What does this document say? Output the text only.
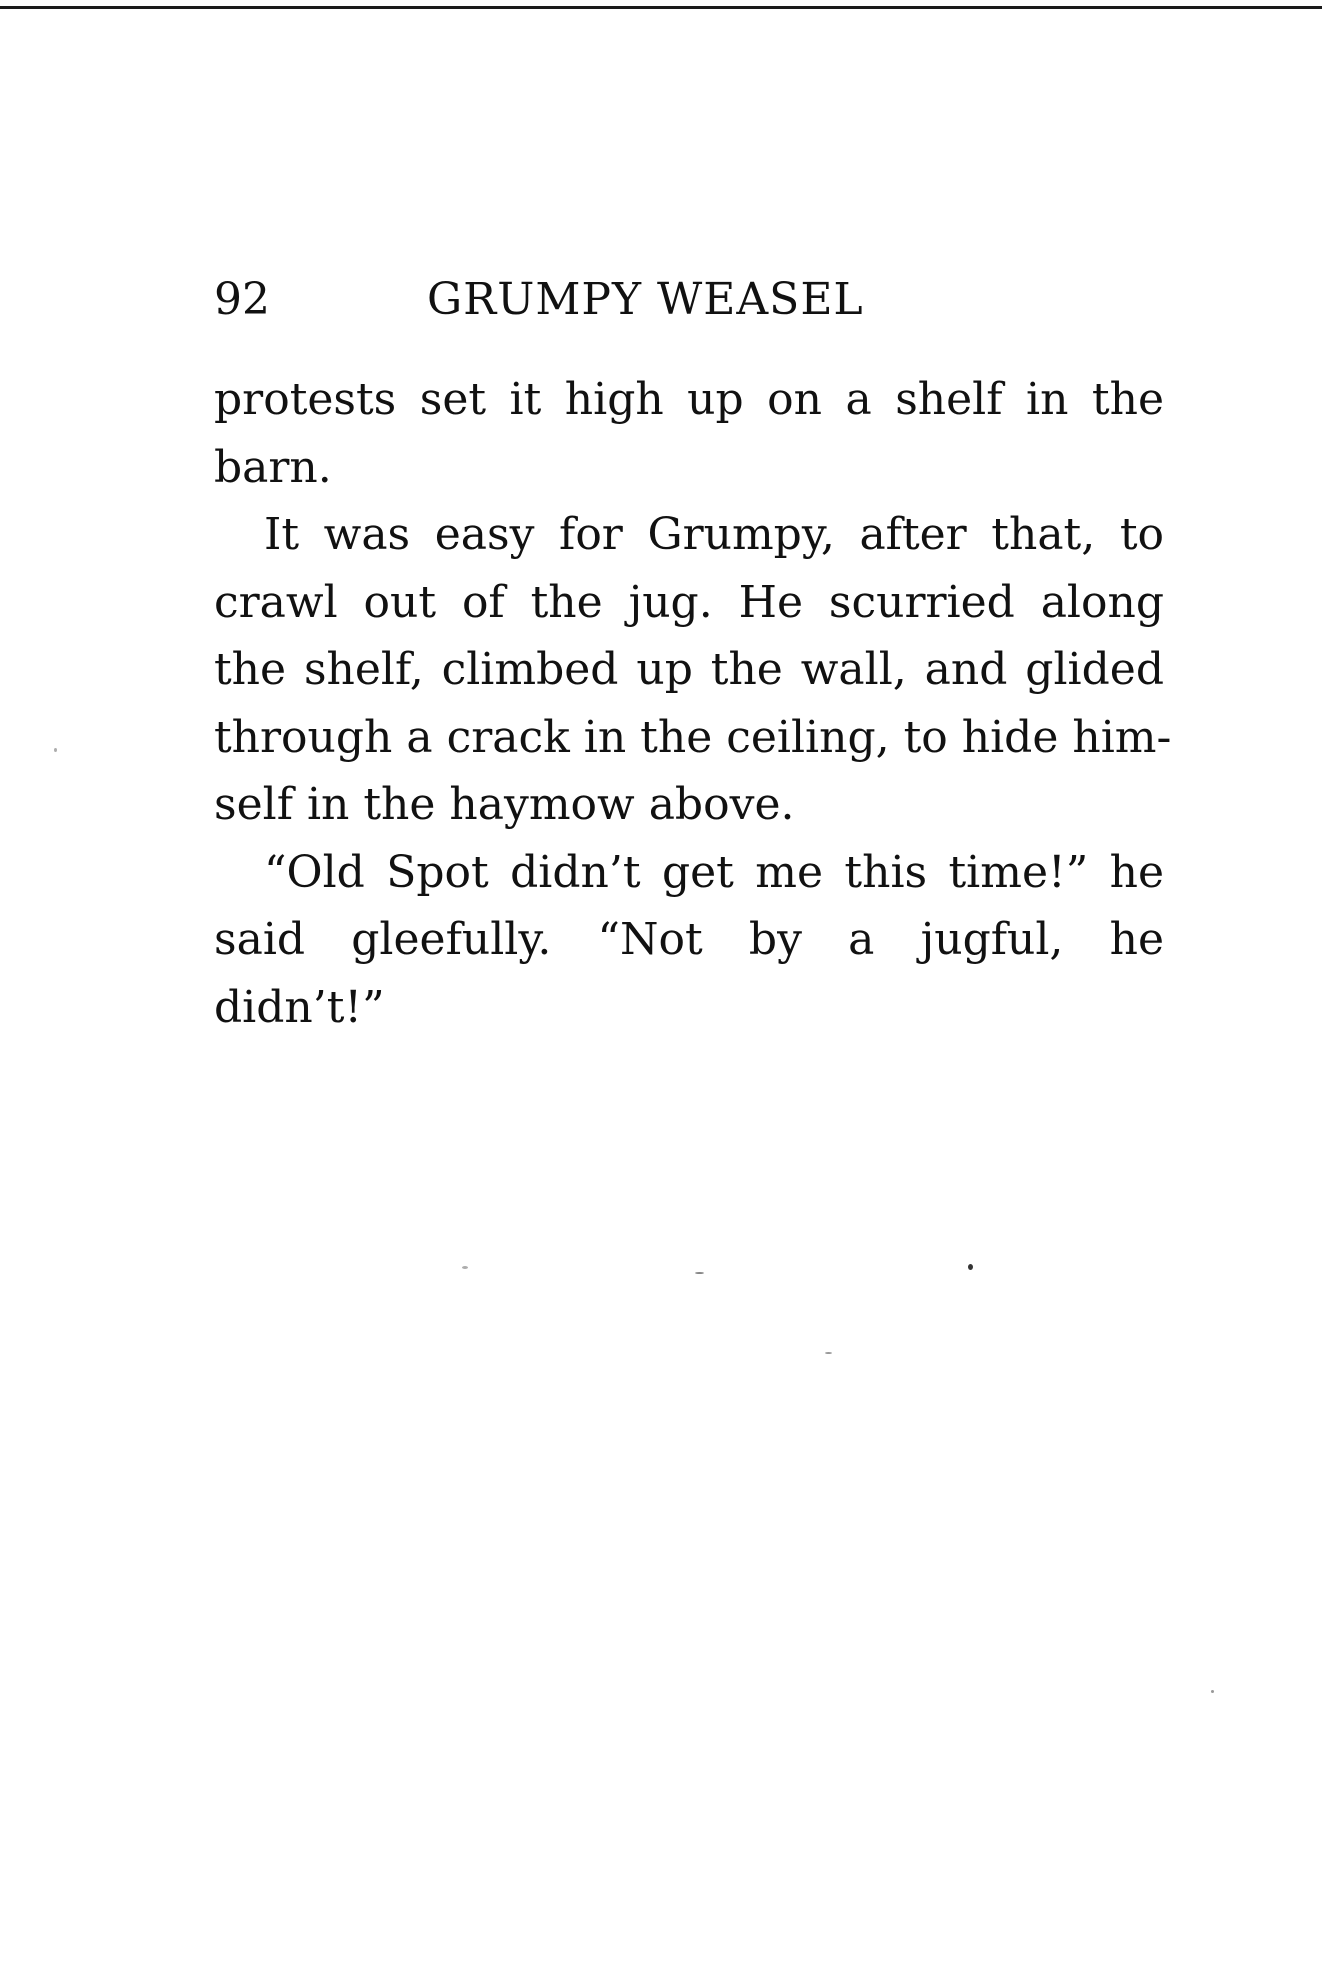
92	GRUMPY WEASEL
protests set it high up on a shelf in the
barn.
It was easy for Grumpy, after that, to
crawl out of the jug. He scurried along
the shelf, climbed up the wall, and glided
through a crack in the ceiling, to hide him-
self in the haymow above.
“Old Spot didn’t get me this time!” he
said gleefully. “Not by a jugful, he
didn’t!”
